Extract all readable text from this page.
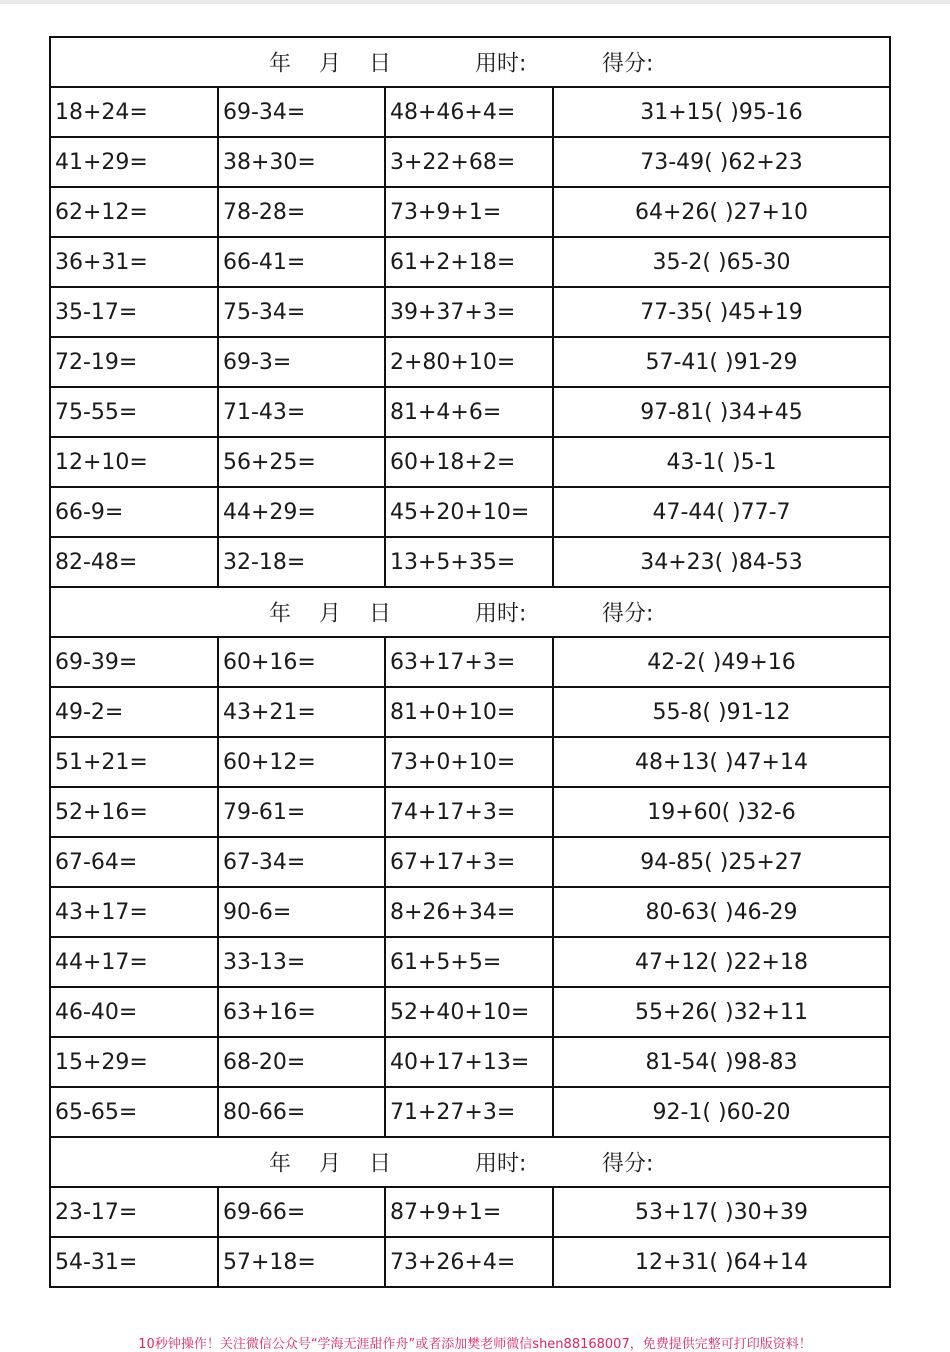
年 月 日 用时: 得分:			

18+24=	69-34=	48+46+4=	31+15( )95-16
41+29=	38+30=	3+22+68=	73-49( )62+23
62+12=	78-28=	73+9+1=	64+26( )27+10
36+31=	66-41=	61+2+18=	35-2( )65-30
35-17=	75-34=	39+37+3=	77-35( )45+19
72-19=	69-3=	2+80+10=	57-41( )91-29
75-55=	71-43=	81+4+6=	97-81( )34+45
12+10=	56+25=	60+18+2=	43-1( )5-1
66-9=	44+29=	45+20+10=	47-44( )77-7
82-48=	32-18=	13+5+35=	34+23( )84-53

年 月 日 用时: 得分:			

69-39=	60+16=	63+17+3=	42-2( )49+16
49-2=	43+21=	81+0+10=	55-8( )91-12
51+21=	60+12=	73+0+10=	48+13( )47+14
52+16=	79-61=	74+17+3=	19+60( )32-6
67-64=	67-34=	67+17+3=	94-85( )25+27
43+17=	90-6=	8+26+34=	80-63( )46-29
44+17=	33-13=	61+5+5=	47+12( )22+18
46-40=	63+16=	52+40+10=	55+26( )32+11
15+29=	68-20=	40+17+13=	81-54( )98-83
65-65=	80-66=	71+27+3=	92-1( )60-20

年 月 日 用时: 得分:			

23-17=	69-66=	87+9+1=	53+17( )30+39
54-31=	57+18=	73+26+4=	12+31( )64+14
10秒钟操作！关注微信公众号“学海无涯甜作舟”或者添加樊老师微信shen88168007，免费提供完整可打印版资料！
